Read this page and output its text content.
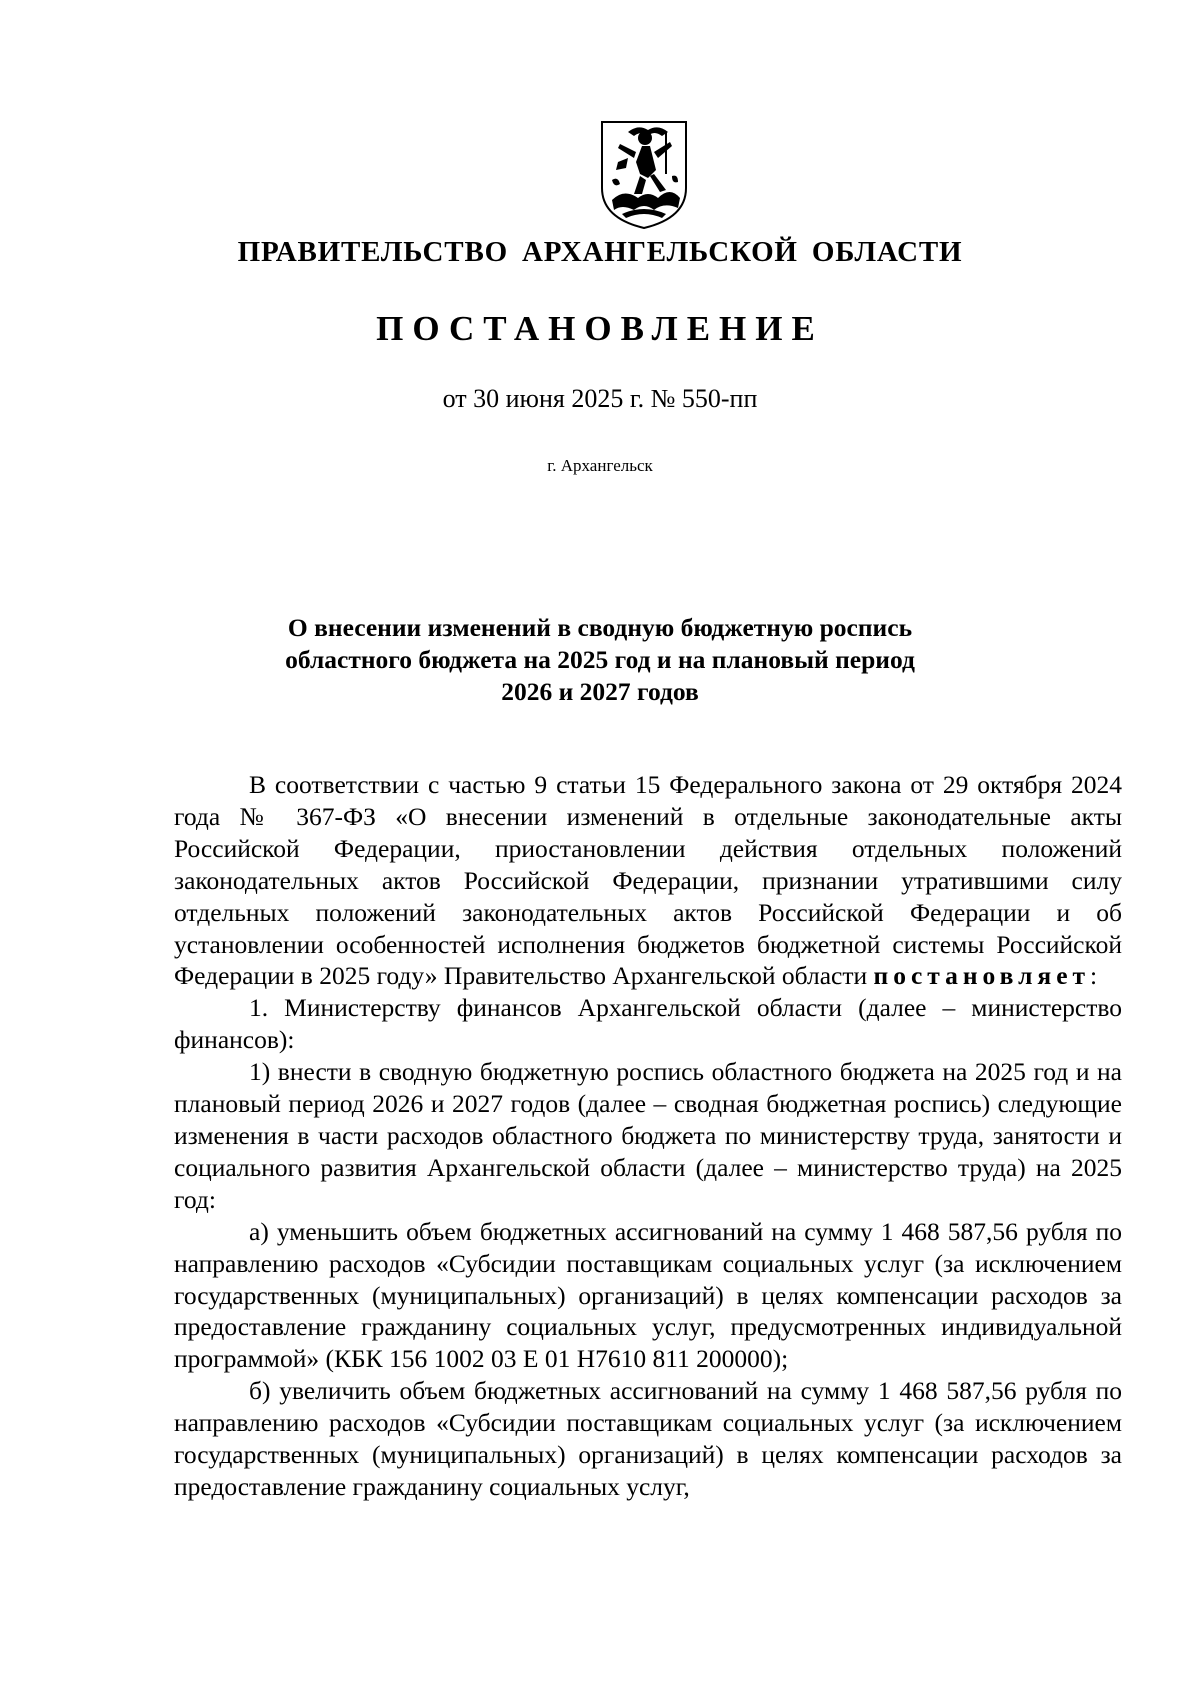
ПРАВИТЕЛЬСТВО АРХАНГЕЛЬСКОЙ ОБЛАСТИ
ПОСТАНОВЛЕНИЕ
от 30 июня 2025 г. № 550-пп
г. Архангельск
О внесении изменений в сводную бюджетную роспись
областного бюджета на 2025 год и на плановый период
2026 и 2027 годов

В соответствии с частью 9 статьи 15 Федерального закона от 29 октября 2024 года № 367-ФЗ «О внесении изменений в отдельные законодательные акты Российской Федерации, приостановлении действия отдельных положений законодательных актов Российской Федерации, признании утратившими силу отдельных положений законодательных актов Российской Федерации и об установлении особенностей исполнения бюджетов бюджетной системы Российской Федерации в 2025 году» Правительство Архангельской области постановляет:

1. Министерству финансов Архангельской области (далее – министерство финансов):

1) внести в сводную бюджетную роспись областного бюджета на 2025 год и на плановый период 2026 и 2027 годов (далее – сводная бюджетная роспись) следующие изменения в части расходов областного бюджета по министерству труда, занятости и социального развития Архангельской области (далее – министерство труда) на 2025 год:

а) уменьшить объем бюджетных ассигнований на сумму 1 468 587,56 рубля по направлению расходов «Субсидии поставщикам социальных услуг (за исключением государственных (муниципальных) организаций) в целях компенсации расходов за предоставление гражданину социальных услуг, предусмотренных индивидуальной программой» (КБК 156 1002 03 Е 01 Н7610 811 200000);

б) увеличить объем бюджетных ассигнований на сумму 1 468 587,56 рубля по направлению расходов «Субсидии поставщикам социальных услуг (за исключением государственных (муниципальных) организаций) в целях компенсации расходов за предоставление гражданину социальных услуг,
